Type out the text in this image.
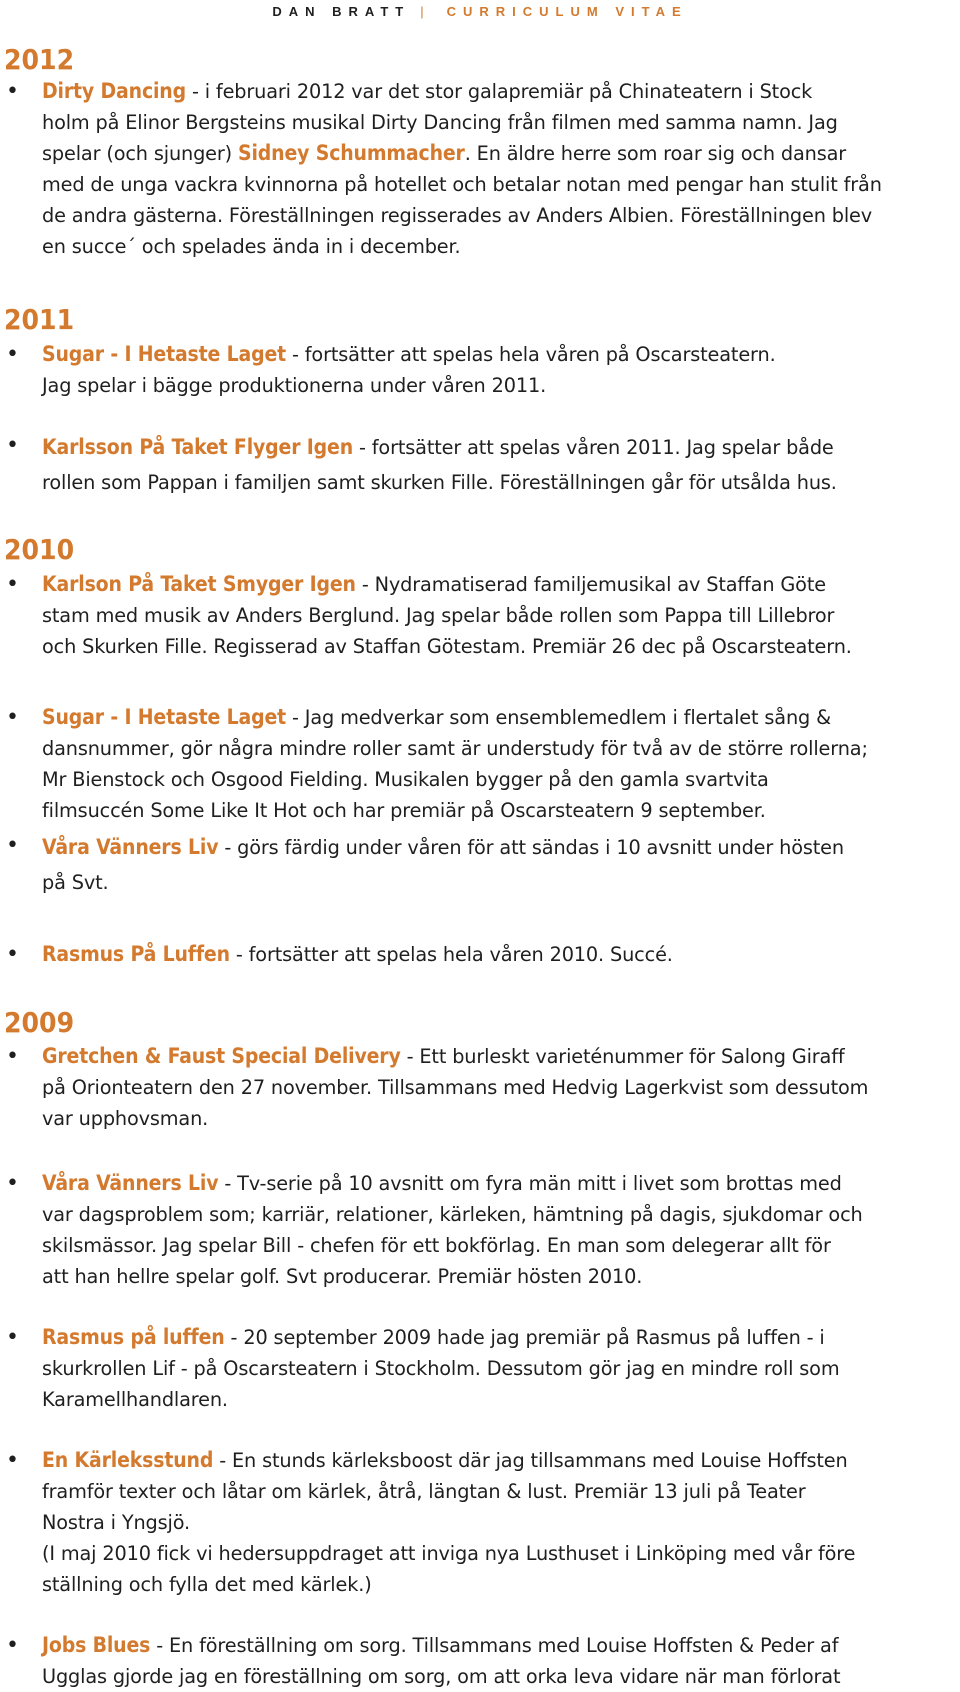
DAN BRATT | CURRICULUM VITAE
2012
• Dirty Dancing - i februari 2012 var det stor galapremiär på Chinateatern i Stock
holm på Elinor Bergsteins musikal Dirty Dancing från filmen med samma namn. Jag
spelar (och sjunger) Sidney Schummacher. En äldre herre som roar sig och dansar
med de unga vackra kvinnorna på hotellet och betalar notan med pengar han stulit från
de andra gästerna. Föreställningen regisserades av Anders Albien. Föreställningen blev
en succe´ och spelades ända in i december.
2011
• Sugar - I Hetaste Laget - fortsätter att spelas hela våren på Oscarsteatern.
Jag spelar i bägge produktionerna under våren 2011.
• Karlsson På Taket Flyger Igen - fortsätter att spelas våren 2011. Jag spelar både
rollen som Pappan i familjen samt skurken Fille. Föreställningen går för utsålda hus.
2010
• Karlson På Taket Smyger Igen - Nydramatiserad familjemusikal av Staffan Göte
stam med musik av Anders Berglund. Jag spelar både rollen som Pappa till Lillebror
och Skurken Fille. Regisserad av Staffan Götestam. Premiär 26 dec på Oscarsteatern.
• Sugar - I Hetaste Laget - Jag medverkar som ensemblemedlem i flertalet sång &
dansnummer, gör några mindre roller samt är understudy för två av de större rollerna;
Mr Bienstock och Osgood Fielding. Musikalen bygger på den gamla svartvita
filmsuccén Some Like It Hot och har premiär på Oscarsteatern 9 september.
• Våra Vänners Liv - görs färdig under våren för att sändas i 10 avsnitt under hösten
på Svt.
• Rasmus På Luffen - fortsätter att spelas hela våren 2010. Succé.
2009
• Gretchen & Faust Special Delivery - Ett burleskt varieténummer för Salong Giraff
på Orionteatern den 27 november. Tillsammans med Hedvig Lagerkvist som dessutom
var upphovsman.
• Våra Vänners Liv - Tv-serie på 10 avsnitt om fyra män mitt i livet som brottas med
var dagsproblem som; karriär, relationer, kärleken, hämtning på dagis, sjukdomar och
skilsmässor. Jag spelar Bill - chefen för ett bokförlag. En man som delegerar allt för
att han hellre spelar golf. Svt producerar. Premiär hösten 2010.
• Rasmus på luffen - 20 september 2009 hade jag premiär på Rasmus på luffen - i
skurkrollen Lif - på Oscarsteatern i Stockholm. Dessutom gör jag en mindre roll som
Karamellhandlaren.
• En Kärleksstund - En stunds kärleksboost där jag tillsammans med Louise Hoffsten
framför texter och låtar om kärlek, åtrå, längtan & lust. Premiär 13 juli på Teater
Nostra i Yngsjö.
(I maj 2010 fick vi hedersuppdraget att inviga nya Lusthuset i Linköping med vår före
ställning och fylla det med kärlek.)
• Jobs Blues - En föreställning om sorg. Tillsammans med Louise Hoffsten & Peder af
Ugglas gjorde jag en föreställning om sorg, om att orka leva vidare när man förlorat
